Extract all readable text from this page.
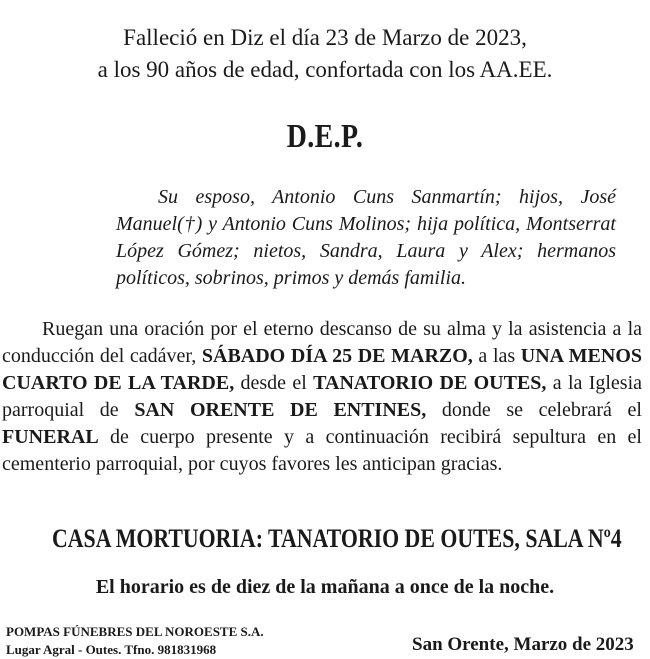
Falleció en Diz el día 23 de Marzo de 2023,
a los 90 años de edad, confortada con los AA.EE.
D.E.P.
Su esposo, Antonio Cuns Sanmartín; hijos, José Manuel(†) y Antonio Cuns Molinos; hija política, Montserrat López Gómez; nietos, Sandra, Laura y Alex; hermanos políticos, sobrinos, primos y demás familia.
Ruegan una oración por el eterno descanso de su alma y la asistencia a la conducción del cadáver, SÁBADO DÍA 25 DE MARZO, a las UNA MENOS CUARTO DE LA TARDE, desde el TANATORIO DE OUTES, a la Iglesia parroquial de SAN ORENTE DE ENTINES, donde se celebrará el FUNERAL de cuerpo presente y a continuación recibirá sepultura en el cementerio parroquial, por cuyos favores les anticipan gracias.
CASA MORTUORIA: TANATORIO DE OUTES, SALA Nº4
El horario es de diez de la mañana a once de la noche.
POMPAS FÚNEBRES DEL NOROESTE S.A.
Lugar Agral - Outes. Tfno. 981831968	San Orente, Marzo de 2023
